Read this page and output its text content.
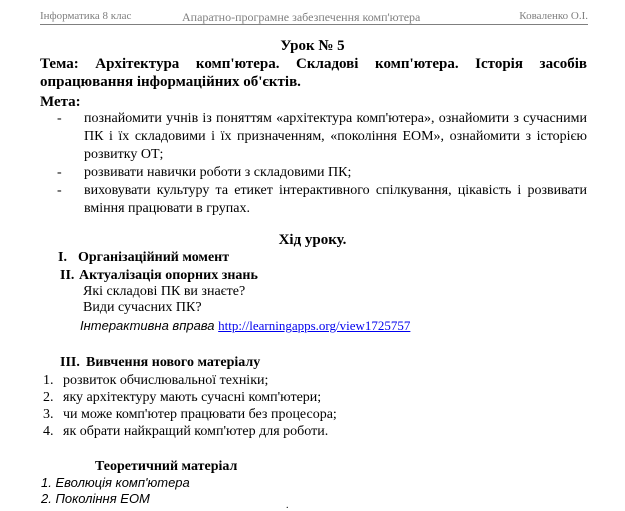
Інформатика 8 клас	Апаратно-програмне забезпечення комп'ютера	Коваленко О.І.
Урок № 5
Тема: Архітектура комп'ютера. Складові комп'ютера. Історія засобів опрацювання інформаційних об'єктів.
Мета:
- познайомити учнів із поняттям «архітектура комп'ютера», ознайомити з сучасними ПК і їх складовими і їх призначенням, «покоління ЕОМ», ознайомити з історією розвитку ОТ;
- розвивати навички роботи з складовими ПК;
- виховувати культуру та етикет інтерактивного спілкування, цікавість і розвивати вміння працювати в групах.
Хід уроку.
I. Організаційний момент
II. Актуалізація опорних знань
Які складові ПК ви знаєте?
Види сучасних ПК?
Інтерактивна вправа http://learningapps.org/view1725757
III. Вивчення нового матеріалу
1. розвиток обчислювальної техніки;
2. яку архітектуру мають сучасні комп'ютери;
3. чи може комп'ютер працювати без процесора;
4. як обрати найкращий комп'ютер для роботи.
Теоретичний матеріал
1. Еволюція комп'ютера
2. Покоління ЕОМ	.
